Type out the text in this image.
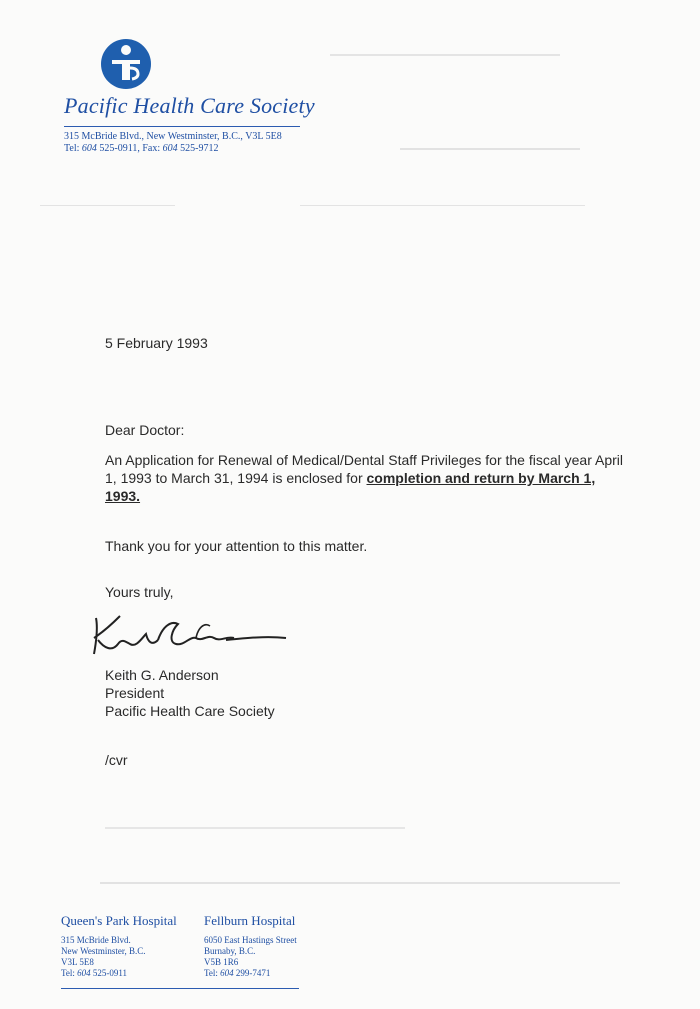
Pacific Health Care Society
315 McBride Blvd., New Westminster, B.C., V3L 5E8
Tel: 604 525-0911, Fax: 604 525-9712
5 February 1993
Dear Doctor:
An Application for Renewal of Medical/Dental Staff Privileges for the fiscal year April 1, 1993 to March 31, 1994 is enclosed for completion and return by March 1, 1993.
Thank you for your attention to this matter.
Yours truly,
Keith G. Anderson
President
Pacific Health Care Society
/cvr
Queen's Park Hospital
315 McBride Blvd.
New Westminster, B.C.
V3L 5E8
Tel: 604 525-0911
Fellburn Hospital
6050 East Hastings Street
Burnaby, B.C.
V5B 1R6
Tel: 604 299-7471
